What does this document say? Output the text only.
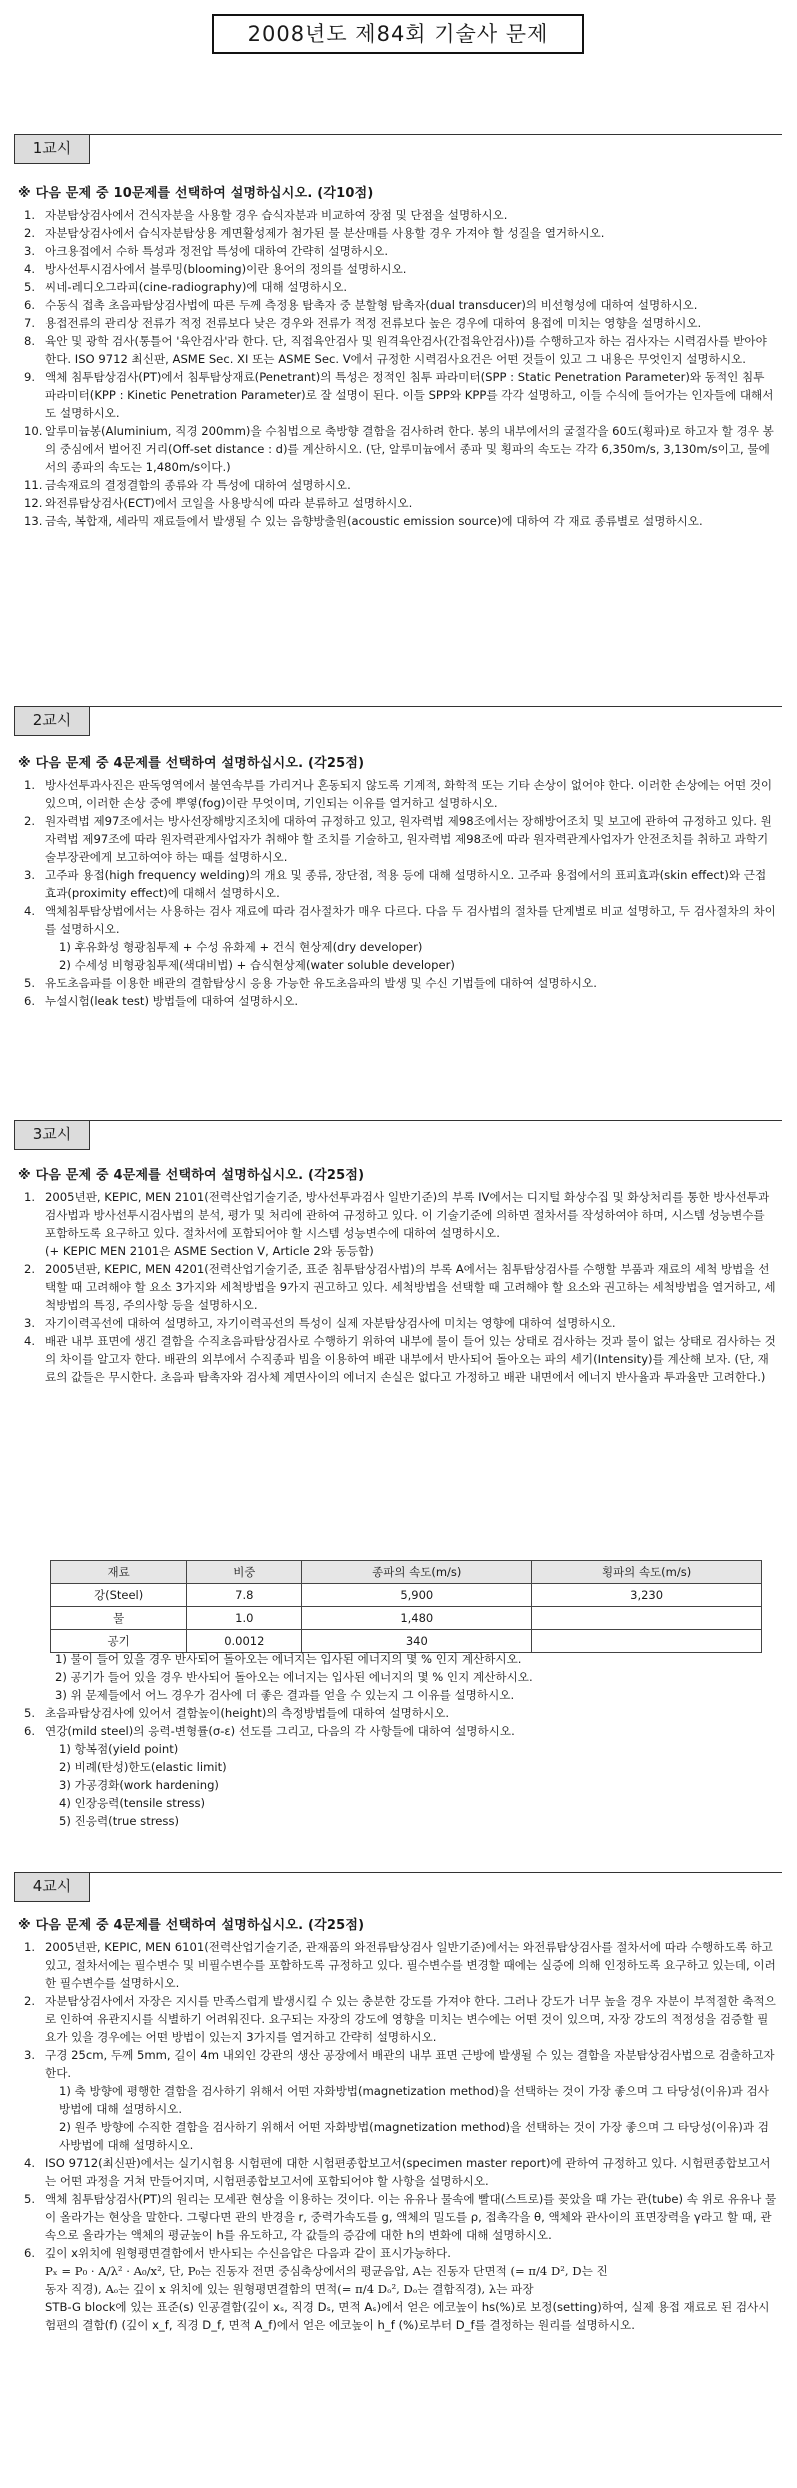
2008년도 제84회 기술사 문제
1교시
※ 다음 문제 중 10문제를 선택하여 설명하십시오. (각10점)
1. 자분탐상검사에서 건식자분을 사용할 경우 습식자분과 비교하여 장점 및 단점을 설명하시오.
2. 자분탐상검사에서 습식자분탐상용 계면활성제가 첨가된 물 분산매를 사용할 경우 가져야 할 성질을 열거하시오.
3. 아크용접에서 수하 특성과 정전압 특성에 대하여 간략히 설명하시오.
4. 방사선투시검사에서 블루밍(blooming)이란 용어의 정의를 설명하시오.
5. 씨네-레디오그라피(cine-radiography)에 대해 설명하시오.
6. 수동식 접촉 초음파탐상검사법에 따른 두께 측정용 탐촉자 중 분할형 탐촉자(dual transducer)의 비선형성에 대하여 설명하시오.
7. 용접전류의 관리상 전류가 적정 전류보다 낮은 경우와 전류가 적정 전류보다 높은 경우에 대하여 용접에 미치는 영향을 설명하시오.
8. 육안 및 광학 검사(통틀어 '육안검사'라 한다. 단, 직접육안검사 및 원격육안검사(간접육안검사))를 수행하고자 하는 검사자는 시력검사를 받아야 한다. ISO 9712 최신판, ASME Sec. XI 또는 ASME Sec. V에서 규정한 시력검사요건은 어떤 것들이 있고 그 내용은 무엇인지 설명하시오.
9. 액체 침투탐상검사(PT)에서 침투탐상재료(Penetrant)의 특성은 정적인 침투 파라미터(SPP : Static Penetration Parameter)와 동적인 침투 파라미터(KPP : Kinetic Penetration Parameter)로 잘 설명이 된다. 이들 SPP와 KPP를 각각 설명하고, 이들 수식에 들어가는 인자들에 대해서도 설명하시오.
10. 알루미늄봉(Aluminium, 직경 200mm)을 수침법으로 축방향 결함을 검사하려 한다. 봉의 내부에서의 굴절각을 60도(횡파)로 하고자 할 경우 봉의 중심에서 벌어진 거리(Off-set distance : d)를 계산하시오. (단, 알루미늄에서 종파 및 횡파의 속도는 각각 6,350m/s, 3,130m/s이고, 물에서의 종파의 속도는 1,480m/s이다.)
11. 금속재료의 결정결함의 종류와 각 특성에 대하여 설명하시오.
12. 와전류탐상검사(ECT)에서 코일을 사용방식에 따라 분류하고 설명하시오.
13. 금속, 복합재, 세라믹 재료들에서 발생될 수 있는 음향방출원(acoustic emission source)에 대하여 각 재료 종류별로 설명하시오.
2교시
※ 다음 문제 중 4문제를 선택하여 설명하십시오. (각25점)
1. 방사선투과사진은 판독영역에서 불연속부를 가리거나 혼동되지 않도록 기계적, 화학적 또는 기타 손상이 없어야 한다. 이러한 손상에는 어떤 것이 있으며, 이러한 손상 중에 뿌옇(fog)이란 무엇이며, 기인되는 이유를 열거하고 설명하시오.
2. 원자력법 제97조에서는 방사선장해방지조치에 대하여 규정하고 있고, 원자력법 제98조에서는 장해방어조치 및 보고에 관하여 규정하고 있다. 원자력법 제97조에 따라 원자력관계사업자가 취해야 할 조치를 기술하고, 원자력법 제98조에 따라 원자력관계사업자가 안전조치를 취하고 과학기술부장관에게 보고하여야 하는 때를 설명하시오.
3. 고주파 용접(high frequency welding)의 개요 및 종류, 장단점, 적용 등에 대해 설명하시오. 고주파 용접에서의 표피효과(skin effect)와 근접효과(proximity effect)에 대해서 설명하시오.
4. 액체침투탐상법에서는 사용하는 검사 재료에 따라 검사절차가 매우 다르다. 다음 두 검사법의 절차를 단계별로 비교 설명하고, 두 검사절차의 차이를 설명하시오.
1) 후유화성 형광침투제 + 수성 유화제 + 건식 현상제(dry developer)
2) 수세성 비형광침투제(색대비법) + 습식현상제(water soluble developer)
5. 유도초음파를 이용한 배관의 결함탐상시 응용 가능한 유도초음파의 발생 및 수신 기법들에 대하여 설명하시오.
6. 누설시험(leak test) 방법들에 대하여 설명하시오.
3교시
※ 다음 문제 중 4문제를 선택하여 설명하십시오. (각25점)
1. 2005년판, KEPIC, MEN 2101(전력산업기술기준, 방사선투과검사 일반기준)의 부록 IV에서는 디지털 화상수집 및 화상처리를 통한 방사선투과검사법과 방사선투시검사법의 분석, 평가 및 처리에 관하여 규정하고 있다. 이 기술기준에 의하면 절차서를 작성하여야 하며, 시스템 성능변수를 포함하도록 요구하고 있다. 절차서에 포함되어야 할 시스템 성능변수에 대하여 설명하시오.
(+ KEPIC MEN 2101은 ASME Section V, Article 2와 동등함)
2. 2005년판, KEPIC, MEN 4201(전력산업기술기준, 표준 침투탐상검사법)의 부록 A에서는 침투탐상검사를 수행할 부품과 재료의 세척 방법을 선택할 때 고려해야 할 요소 3가지와 세척방법을 9가지 권고하고 있다. 세척방법을 선택할 때 고려해야 할 요소와 권고하는 세척방법을 열거하고, 세척방법의 특징, 주의사항 등을 설명하시오.
3. 자기이력곡선에 대하여 설명하고, 자기이력곡선의 특성이 실제 자분탐상검사에 미치는 영향에 대하여 설명하시오.
4. 배관 내부 표면에 생긴 결함을 수직초음파탐상검사로 수행하기 위하여 내부에 물이 들어 있는 상태로 검사하는 것과 물이 없는 상태로 검사하는 것의 차이를 알고자 한다. 배관의 외부에서 수직종파 빔을 이용하여 배관 내부에서 반사되어 돌아오는 파의 세기(Intensity)를 계산해 보자. (단, 재료의 값들은 무시한다. 초음파 탐촉자와 검사체 계면사이의 에너지 손실은 없다고 가정하고 배관 내면에서 에너지 반사율과 투과율만 고려한다.)
재료	비중	종파의 속도(m/s)	횡파의 속도(m/s)
강(Steel)	7.8	5,900	3,230
물	1.0	1,480	
공기	0.0012	340	
1) 물이 들어 있을 경우 반사되어 돌아오는 에너지는 입사된 에너지의 몇 % 인지 계산하시오.
2) 공기가 들어 있을 경우 반사되어 돌아오는 에너지는 입사된 에너지의 몇 % 인지 계산하시오.
3) 위 문제들에서 어느 경우가 검사에 더 좋은 결과를 얻을 수 있는지 그 이유를 설명하시오.
5. 초음파탐상검사에 있어서 결함높이(height)의 측정방법들에 대하여 설명하시오.
6. 연강(mild steel)의 응력-변형률(σ-ε) 선도를 그리고, 다음의 각 사항들에 대하여 설명하시오.
1) 항복점(yield point)
2) 비례(탄성)한도(elastic limit)
3) 가공경화(work hardening)
4) 인장응력(tensile stress)
5) 진응력(true stress)
4교시
※ 다음 문제 중 4문제를 선택하여 설명하십시오. (각25점)
1. 2005년판, KEPIC, MEN 6101(전력산업기술기준, 관재품의 와전류탐상검사 일반기준)에서는 와전류탐상검사를 절차서에 따라 수행하도록 하고 있고, 절차서에는 필수변수 및 비필수변수를 포함하도록 규정하고 있다. 필수변수를 변경할 때에는 실증에 의해 인정하도록 요구하고 있는데, 이러한 필수변수를 설명하시오.
2. 자분탐상검사에서 자장은 지시를 만족스럽게 발생시킬 수 있는 충분한 강도를 가져야 한다. 그러나 강도가 너무 높을 경우 자분이 부적절한 축적으로 인하여 유관지시를 식별하기 어려워진다. 요구되는 자장의 강도에 영향을 미치는 변수에는 어떤 것이 있으며, 자장 강도의 적정성을 검증할 필요가 있을 경우에는 어떤 방법이 있는지 3가지를 열거하고 간략히 설명하시오.
3. 구경 25cm, 두께 5mm, 길이 4m 내외인 강관의 생산 공장에서 배관의 내부 표면 근방에 발생될 수 있는 결함을 자분탐상검사법으로 검출하고자 한다.
1) 축 방향에 평행한 결함을 검사하기 위해서 어떤 자화방법(magnetization method)을 선택하는 것이 가장 좋으며 그 타당성(이유)과 검사방법에 대해 설명하시오.
2) 원주 방향에 수직한 결함을 검사하기 위해서 어떤 자화방법(magnetization method)을 선택하는 것이 가장 좋으며 그 타당성(이유)과 검사방법에 대해 설명하시오.
4. ISO 9712(최신판)에서는 실기시험용 시험편에 대한 시험편종합보고서(specimen master report)에 관하여 규정하고 있다. 시험편종합보고서는 어떤 과정을 거쳐 만들어지며, 시험편종합보고서에 포함되어야 할 사항을 설명하시오.
5. 액체 침투탐상검사(PT)의 원리는 모세관 현상을 이용하는 것이다. 이는 유유나 물속에 빨대(스트로)를 꽂았을 때 가는 관(tube) 속 위로 유유나 물이 올라가는 현상을 말한다. 그렇다면 관의 반경을 r, 중력가속도를 g, 액체의 밀도를 ρ, 접촉각을 θ, 액체와 관사이의 표면장력을 γ라고 할 때, 관 속으로 올라가는 액체의 평균높이 h를 유도하고, 각 값들의 증감에 대한 h의 변화에 대해 설명하시오.
6. 깊이 x위치에 원형평면결함에서 반사되는 수신음압은 다음과 같이 표시가능하다.
Pₓ = P₀ · A/λ² · A₀/x², 단, P₀는 진동자 전면 중심축상에서의 평균음압, A는 진동자 단면적 (= π/4 D², D는 진
동자 직경), Aₒ는 깊이 x 위치에 있는 원형평면결함의 면적(= π/4 Dₒ², Dₒ는 결함직경), λ는 파장
STB-G block에 있는 표준(s) 인공결함(깊이 xₛ, 직경 Dₛ, 면적 Aₛ)에서 얻은 에코높이 hs(%)로 보정(setting)하여, 실제 용접 재료로 된 검사시험편의 결함(f) (깊이 x_f, 직경 D_f, 면적 A_f)에서 얻은 에코높이 h_f (%)로부터 D_f를 결정하는 원리를 설명하시오.
